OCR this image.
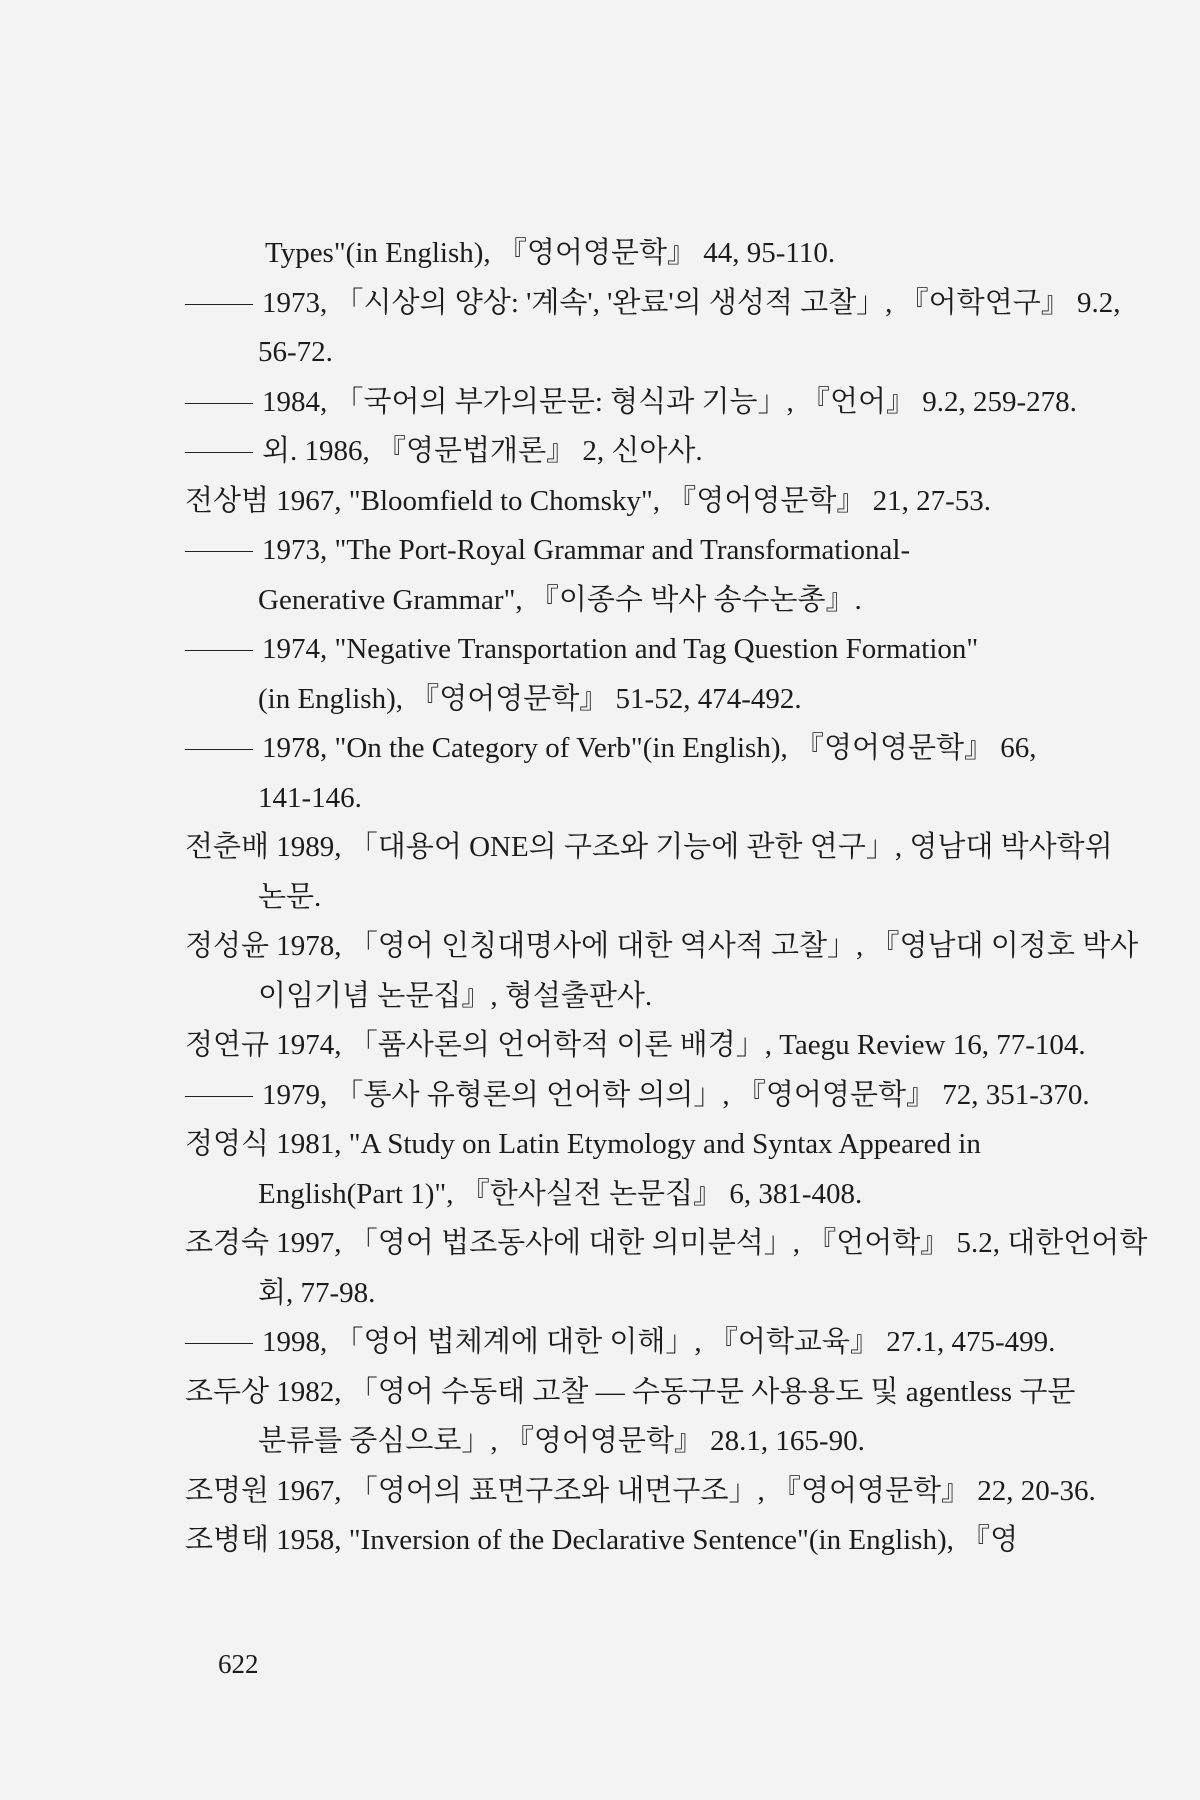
Types"(in English), 『영어영문학』 44, 95-110.
1973, 「시상의 양상: '계속', '완료'의 생성적 고찰」, 『어학연구』 9.2,
56-72.
1984, 「국어의 부가의문문: 형식과 기능」, 『언어』 9.2, 259-278.
외. 1986, 『영문법개론』 2, 신아사.
전상범 1967, "Bloomfield to Chomsky", 『영어영문학』 21, 27-53.
1973, "The Port-Royal Grammar and Transformational-
Generative Grammar", 『이종수 박사 송수논총』.
1974, "Negative Transportation and Tag Question Formation"
(in English), 『영어영문학』 51-52, 474-492.
1978, "On the Category of Verb"(in English), 『영어영문학』 66,
141-146.
전춘배 1989, 「대용어 ONE의 구조와 기능에 관한 연구」, 영남대 박사학위
논문.
정성윤 1978, 「영어 인칭대명사에 대한 역사적 고찰」, 『영남대 이정호 박사
이임기념 논문집』, 형설출판사.
정연규 1974, 「품사론의 언어학적 이론 배경」, Taegu Review 16, 77-104.
1979, 「통사 유형론의 언어학 의의」, 『영어영문학』 72, 351-370.
정영식 1981, "A Study on Latin Etymology and Syntax Appeared in
English(Part 1)", 『한사실전 논문집』 6, 381-408.
조경숙 1997, 「영어 법조동사에 대한 의미분석」, 『언어학』 5.2, 대한언어학
회, 77-98.
1998, 「영어 법체계에 대한 이해」, 『어학교육』 27.1, 475-499.
조두상 1982, 「영어 수동태 고찰 — 수동구문 사용용도 및 agentless 구문
분류를 중심으로」, 『영어영문학』 28.1, 165-90.
조명원 1967, 「영어의 표면구조와 내면구조」, 『영어영문학』 22, 20-36.
조병태 1958, "Inversion of the Declarative Sentence"(in English), 『영
622
